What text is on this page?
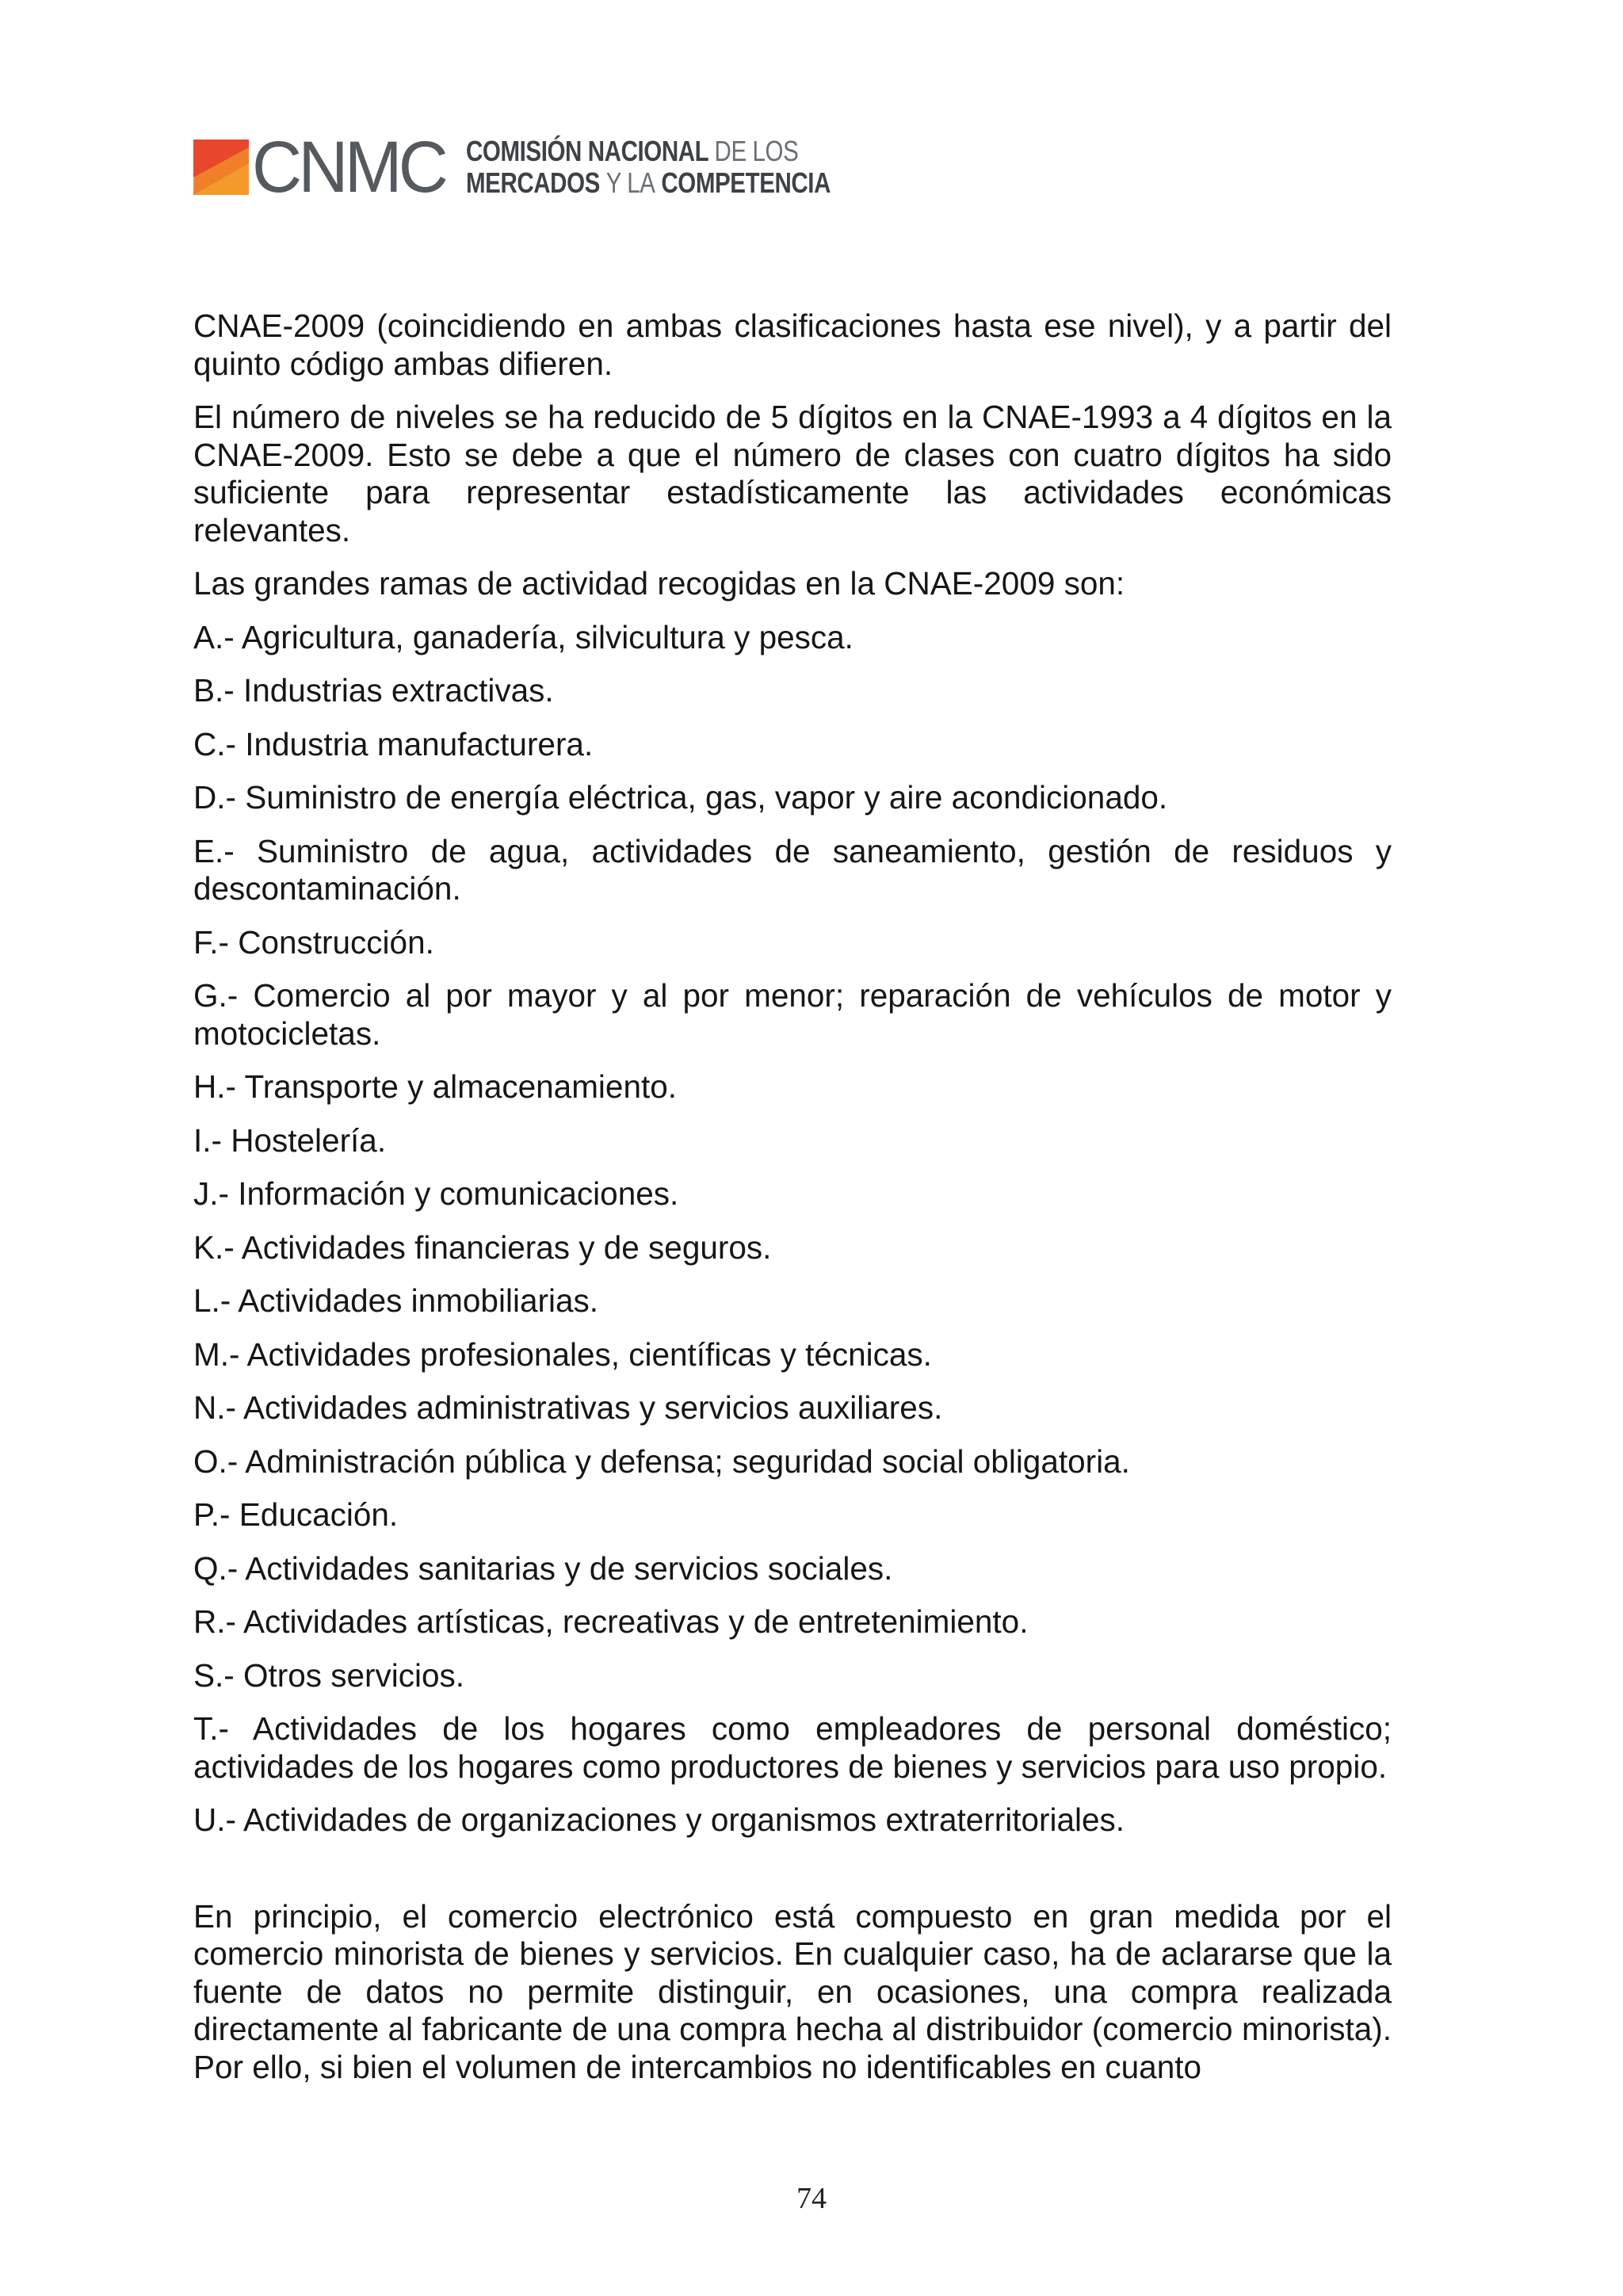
CNMC COMISIÓN NACIONAL DE LOS
MERCADOS Y LA COMPETENCIA

CNAE-2009 (coincidiendo en ambas clasificaciones hasta ese nivel), y a partir del quinto código ambas difieren.

El número de niveles se ha reducido de 5 dígitos en la CNAE-1993 a 4 dígitos en la CNAE-2009. Esto se debe a que el número de clases con cuatro dígitos ha sido suficiente para representar estadísticamente las actividades económicas relevantes.

Las grandes ramas de actividad recogidas en la CNAE-2009 son:

A.- Agricultura, ganadería, silvicultura y pesca.

B.- Industrias extractivas.

C.- Industria manufacturera.

D.- Suministro de energía eléctrica, gas, vapor y aire acondicionado.

E.- Suministro de agua, actividades de saneamiento, gestión de residuos y descontaminación.

F.- Construcción.

G.- Comercio al por mayor y al por menor; reparación de vehículos de motor y motocicletas.

H.- Transporte y almacenamiento.

I.- Hostelería.

J.- Información y comunicaciones.

K.- Actividades financieras y de seguros.

L.- Actividades inmobiliarias.

M.- Actividades profesionales, científicas y técnicas.

N.- Actividades administrativas y servicios auxiliares.

O.- Administración pública y defensa; seguridad social obligatoria.

P.- Educación.

Q.- Actividades sanitarias y de servicios sociales.

R.- Actividades artísticas, recreativas y de entretenimiento.

S.- Otros servicios.

T.- Actividades de los hogares como empleadores de personal doméstico; actividades de los hogares como productores de bienes y servicios para uso propio.

U.- Actividades de organizaciones y organismos extraterritoriales.

En principio, el comercio electrónico está compuesto en gran medida por el comercio minorista de bienes y servicios. En cualquier caso, ha de aclararse que la fuente de datos no permite distinguir, en ocasiones, una compra realizada directamente al fabricante de una compra hecha al distribuidor (comercio minorista). Por ello, si bien el volumen de intercambios no identificables en cuanto

74
